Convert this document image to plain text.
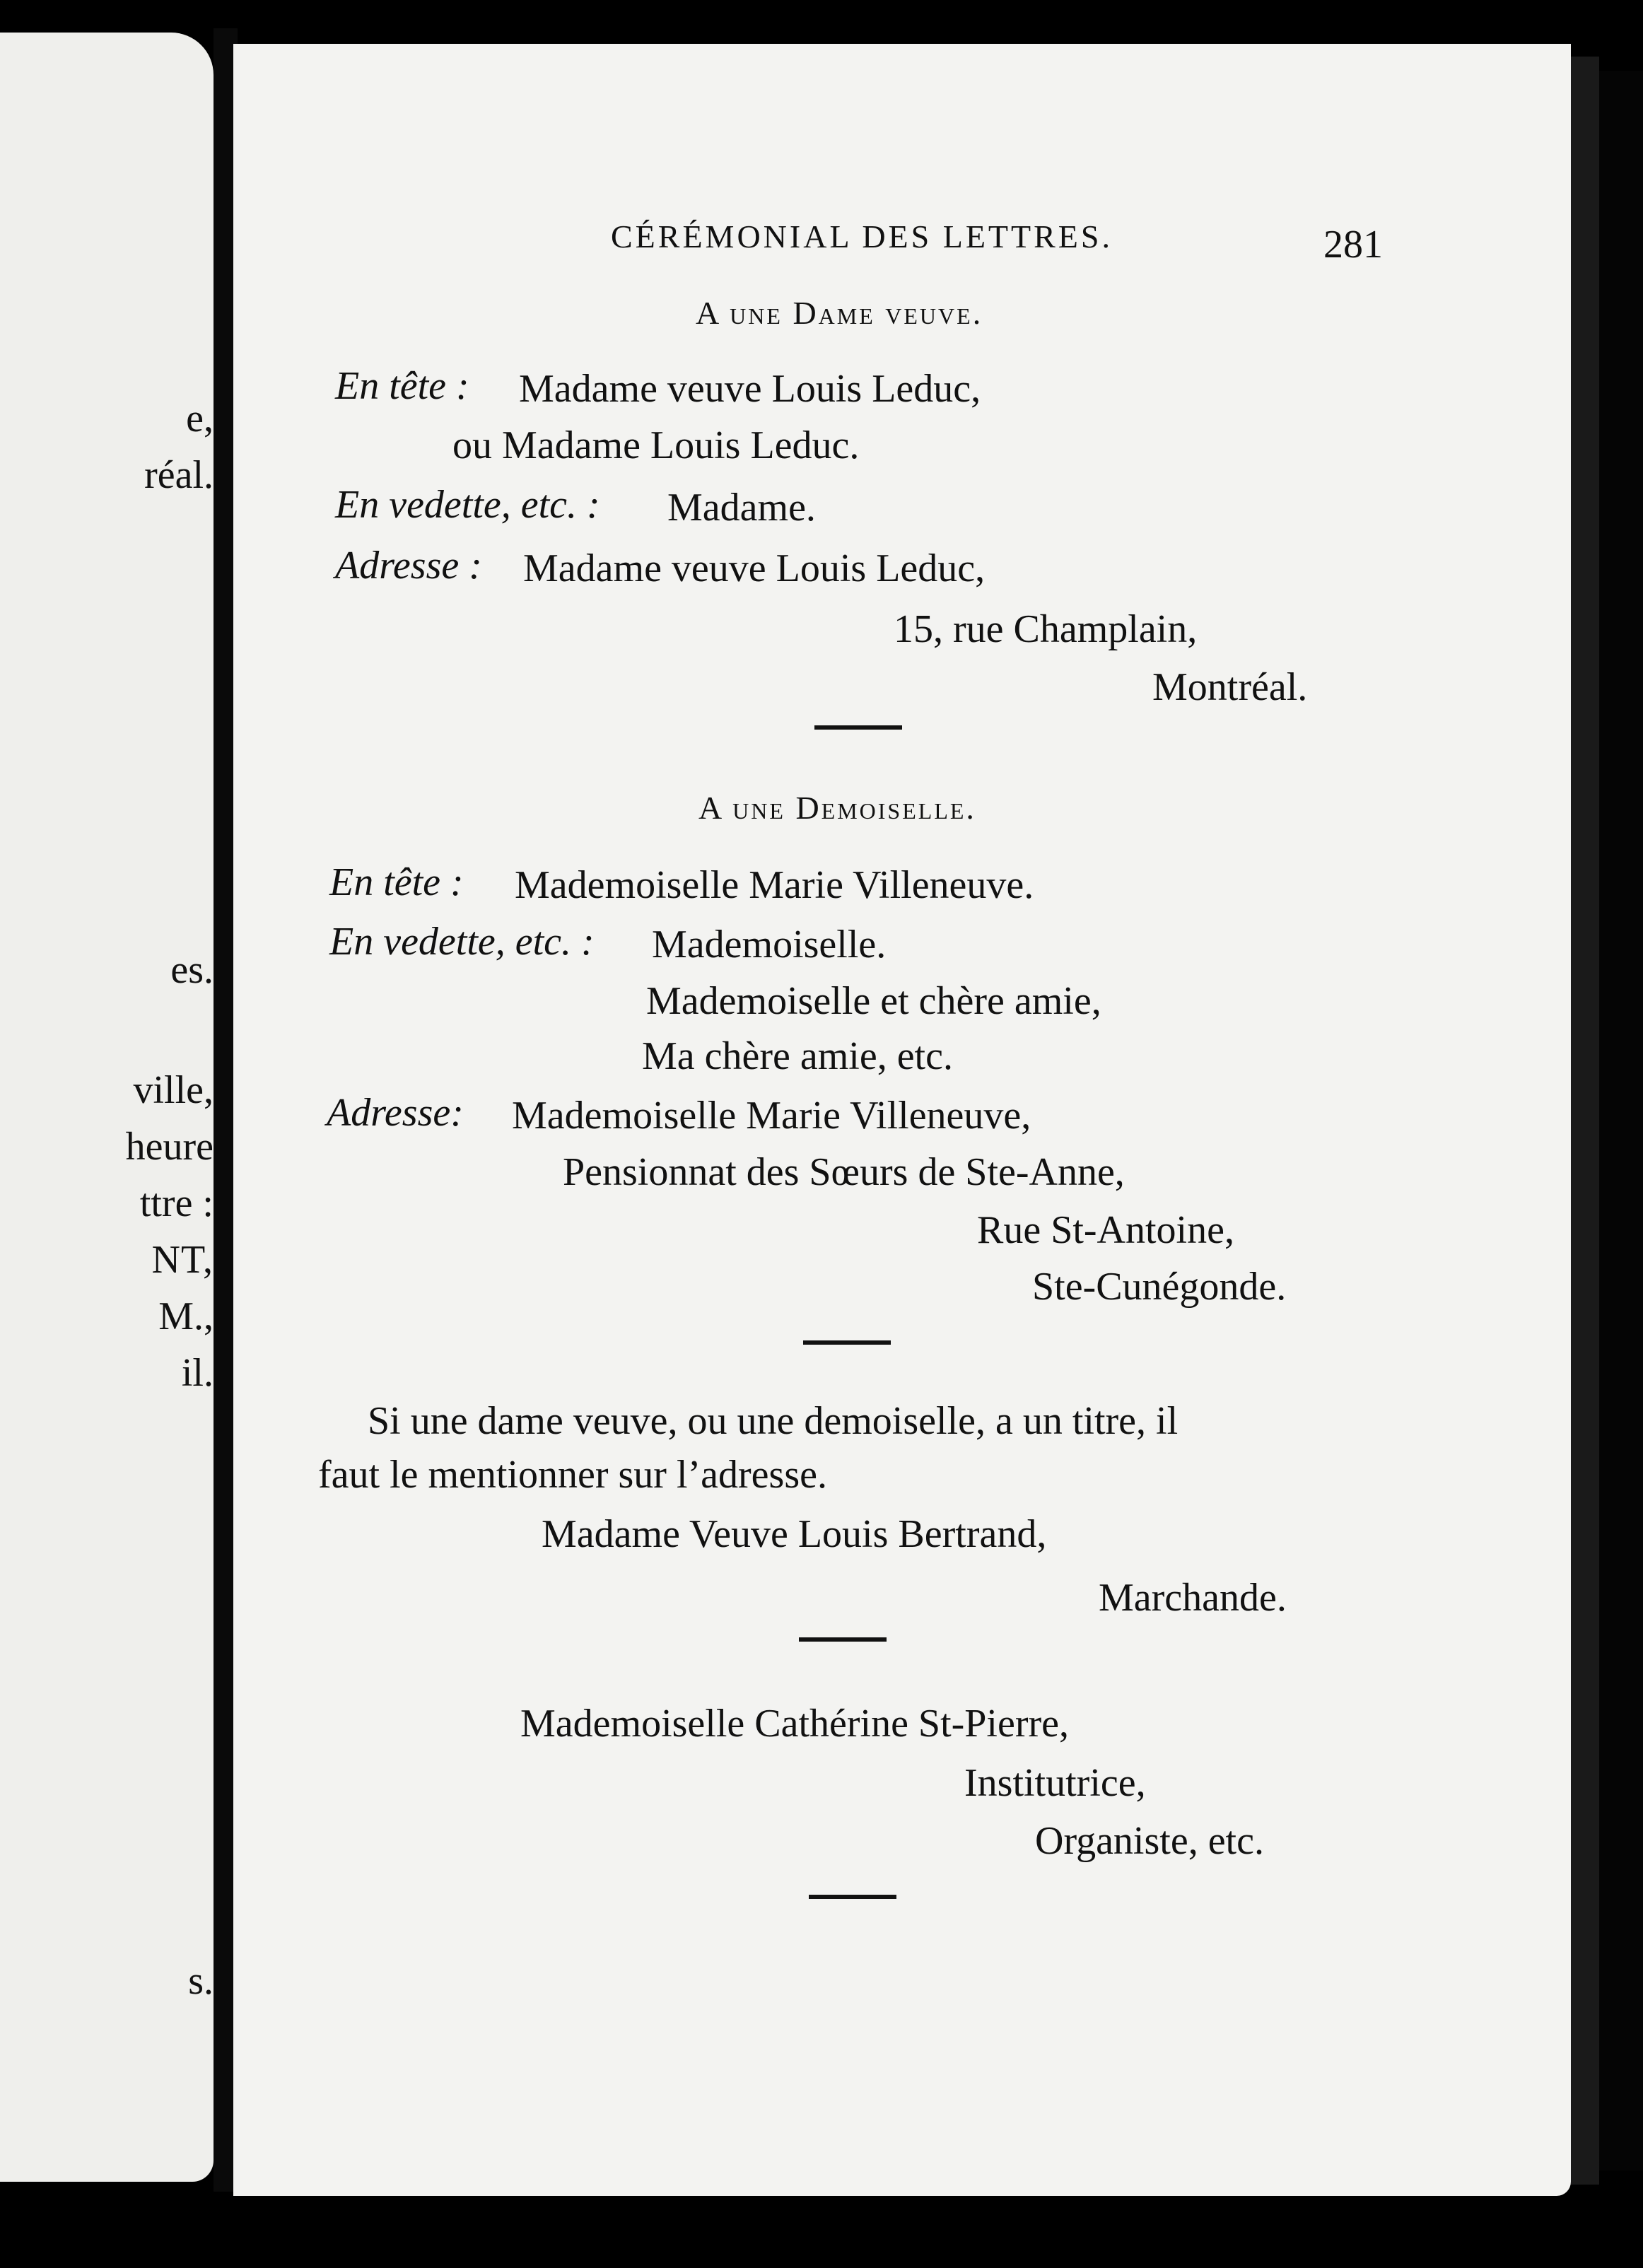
e,
réal.
es.
ville,
heure
ttre :
NT,
M.,
il.
s.
CÉRÉMONIAL DES LETTRES.	281
A une Dame veuve.
En tête : Madame veuve Louis Leduc,
ou Madame Louis Leduc.
En vedette, etc. : Madame.
Adresse : Madame veuve Louis Leduc,
15, rue Champlain,
Montréal.
A une Demoiselle.
En tête : Mademoiselle Marie Villeneuve.
En vedette, etc. : Mademoiselle.
Mademoiselle et chère amie,
Ma chère amie, etc.
Adresse: Mademoiselle Marie Villeneuve,
Pensionnat des Sœurs de Ste-Anne,
Rue St-Antoine,
Ste-Cunégonde.
Si une dame veuve, ou une demoiselle, a un titre, il
faut le mentionner sur l’adresse.
Madame Veuve Louis Bertrand,
Marchande.
Mademoiselle Cathérine St-Pierre,
Institutrice,
Organiste, etc.
